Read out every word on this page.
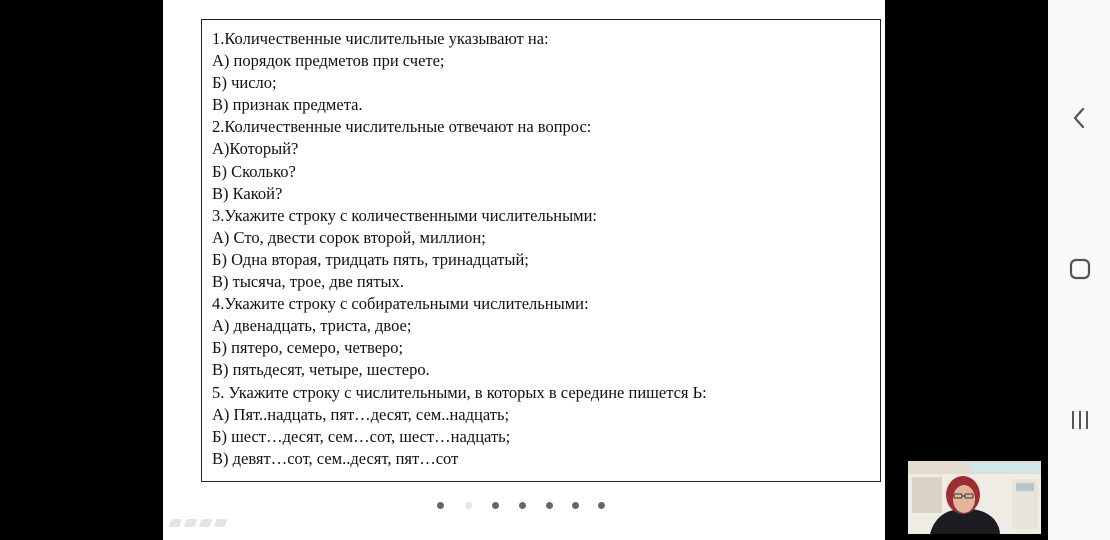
1.Количественные числительные указывают на:
А) порядок предметов при счете;
Б) число;
В) признак предмета.
2.Количественные числительные отвечают на вопрос:
А)Который?
Б) Сколько?
В) Какой?
3.Укажите строку с количественными числительными:
А) Сто, двести сорок второй, миллион;
Б) Одна вторая, тридцать пять, тринадцатый;
В) тысяча, трое, две пятых.
4.Укажите строку с собирательными числительными:
А) двенадцать, триста, двое;
Б) пятеро, семеро, четверо;
В) пятьдесят, четыре, шестеро.
5. Укажите строку с числительными, в которых в середине пишется Ь:
А) Пят..надцать, пят…десят, сем..надцать;
Б) шест…десят, сем…сот, шест…надцать;
В) девят…сот, сем..десят, пят…сот
